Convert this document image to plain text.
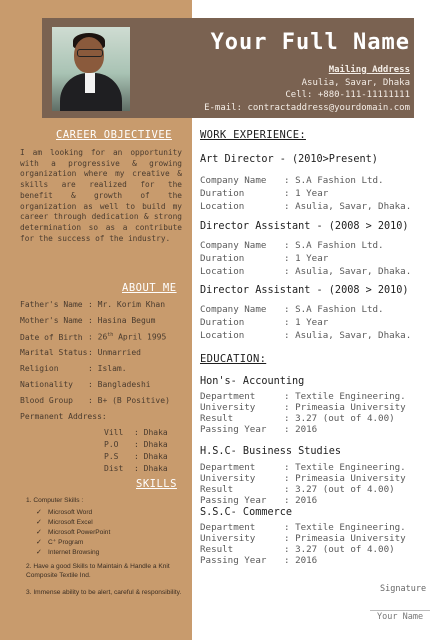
Your Full Name
Mailing Address
Asulia, Savar, Dhaka
Cell: +880-111-11111111
E-mail: contractaddress@yourdomain.com
CAREER OBJECTIVEE
I am looking for an opportunity with a progressive & growing organization where my creative & skills are realized for the benefit & growth of the organization as well to build my career through dedication & strong determination so as a contribute for the success of the industry.
ABOUT ME
Father's Name : Mr. Korim Khan
Mother's Name : Hasina Begum
Date of Birth : 26th April 1995
Marital Status: Unmarried
Religion	: Islam.
Nationality : Bangladeshi
Blood Group : B+ (B Positive)
Permanent Address:
Vill : Dhaka
P.O : Dhaka
P.S : Dhaka
Dist : Dhaka
SKILLS
1. Computer Skills :
✓ Microsoft Word
✓ Microsoft Excel
✓ Microsoft PowerPoint
✓ C⁺ Program
✓ Internet Browsing
2. Have a good Skills to Maintain & Handle a Knit Composite Textile Ind.
3. Immense ability to be alert, careful & responsibility.
WORK EXPERIENCE:
Art Director - (2010>Present)
Company Name : S.A Fashion Ltd.
Duration	: 1 Year
Location	: Asulia, Savar, Dhaka.
Director Assistant - (2008 > 2010)
Company Name : S.A Fashion Ltd.
Duration	: 1 Year
Location	: Asulia, Savar, Dhaka.
Director Assistant - (2008 > 2010)
Company Name : S.A Fashion Ltd.
Duration	: 1 Year
Location	: Asulia, Savar, Dhaka.
EDUCATION:
Hon's- Accounting
Department	: Textile Engineering.
University	: Primeasia University
Result	: 3.27 (out of 4.00)
Passing Year : 2016
H.S.C- Business Studies
Department	: Textile Engineering.
University	: Primeasia University
Result	: 3.27 (out of 4.00)
Passing Year : 2016
S.S.C- Commerce
Department	: Textile Engineering.
University	: Primeasia University
Result	: 3.27 (out of 4.00)
Passing Year : 2016
Signature
Your Name
